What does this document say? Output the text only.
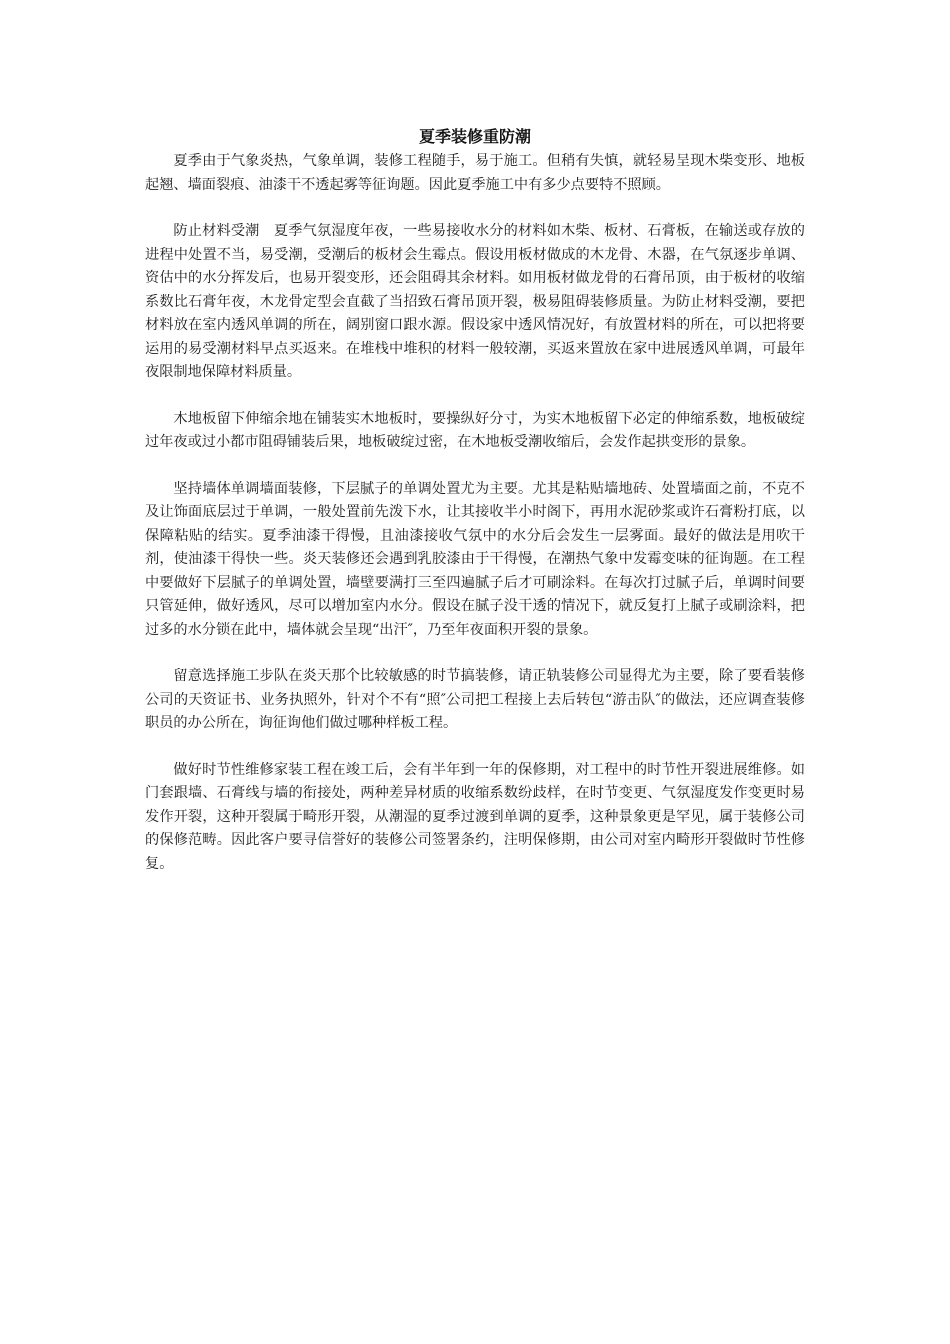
夏季装修重防潮

夏季由于气象炎热，气象单调，装修工程随手，易于施工。但稍有失慎，就轻易呈现木柴变形、地板起翘、墙面裂痕、油漆干不透起雾等征询题。因此夏季施工中有多少点要特不照顾。

防止材料受潮　夏季气氛湿度年夜，一些易接收水分的材料如木柴、板材、石膏板，在输送或存放的进程中处置不当，易受潮，受潮后的板材会生霉点。假设用板材做成的木龙骨、木器，在气氛逐步单调、资估中的水分挥发后，也易开裂变形，还会阻碍其余材料。如用板材做龙骨的石膏吊顶，由于板材的收缩系数比石膏年夜，木龙骨定型会直截了当招致石膏吊顶开裂，极易阻碍装修质量。为防止材料受潮，要把材料放在室内透风单调的所在，阔别窗口跟水源。假设家中透风情况好，有放置材料的所在，可以把将要运用的易受潮材料早点买返来。在堆栈中堆积的材料一般较潮，买返来置放在家中进展透风单调，可最年夜限制地保障材料质量。

木地板留下伸缩余地在铺装实木地板时，要操纵好分寸，为实木地板留下必定的伸缩系数，地板破绽过年夜或过小都市阻碍铺装后果，地板破绽过密，在木地板受潮收缩后，会发作起拱变形的景象。

坚持墙体单调墙面装修，下层腻子的单调处置尤为主要。尤其是粘贴墙地砖、处置墙面之前，不克不及让饰面底层过于单调，一般处置前先泼下水，让其接收半小时阁下，再用水泥砂浆或许石膏粉打底，以保障粘贴的结实。夏季油漆干得慢，且油漆接收气氛中的水分后会发生一层雾面。最好的做法是用吹干剂，使油漆干得快一些。炎天装修还会遇到乳胶漆由于干得慢，在潮热气象中发霉变味的征询题。在工程中要做好下层腻子的单调处置，墙壁要满打三至四遍腻子后才可刷涂料。在每次打过腻子后，单调时间要只管延伸，做好透风，尽可以增加室内水分。假设在腻子没干透的情况下，就反复打上腻子或刷涂料，把过多的水分锁在此中，墙体就会呈现“出汗″，乃至年夜面积开裂的景象。

留意选择施工步队在炎天那个比较敏感的时节搞装修，请正轨装修公司显得尤为主要，除了要看装修公司的天资证书、业务执照外，针对个不有“照″公司把工程接上去后转包“游击队″的做法，还应调查装修职员的办公所在，询征询他们做过哪种样板工程。

做好时节性维修家装工程在竣工后，会有半年到一年的保修期，对工程中的时节性开裂进展维修。如门套跟墙、石膏线与墙的衔接处，两种差异材质的收缩系数纷歧样，在时节变更、气氛湿度发作变更时易发作开裂，这种开裂属于畸形开裂，从潮湿的夏季过渡到单调的夏季，这种景象更是罕见，属于装修公司的保修范畴。因此客户要寻信誉好的装修公司签署条约，注明保修期，由公司对室内畸形开裂做时节性修复。
